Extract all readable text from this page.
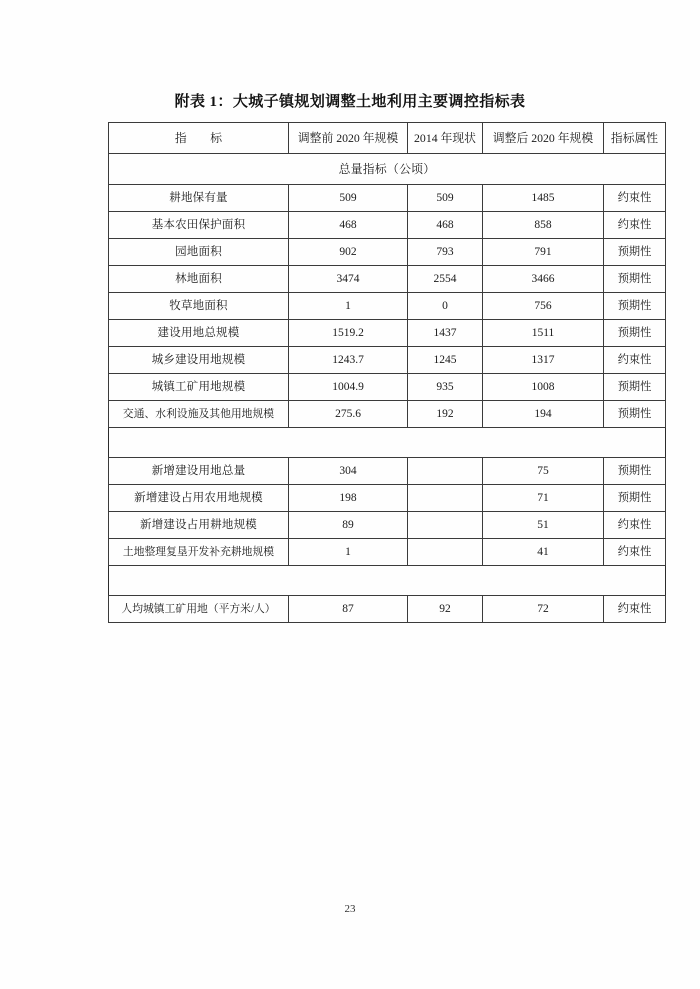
附表 1：大城子镇规划调整土地利用主要调控指标表
指　　标	调整前 2020 年规模	2014 年现状	调整后 2020 年规模	指标属性
总量指标（公顷）				
耕地保有量	509	509	1485	约束性
基本农田保护面积	468	468	858	约束性
园地面积	902	793	791	预期性
林地面积	3474	2554	3466	预期性
牧草地面积	1	0	756	预期性
建设用地总规模	1519.2	1437	1511	预期性
城乡建设用地规模	1243.7	1245	1317	约束性
城镇工矿用地规模	1004.9	935	1008	预期性
交通、水利设施及其他用地规模	275.6	192	194	预期性

新增建设用地总量	304		75	预期性
新增建设占用农用地规模	198		71	预期性
新增建设占用耕地规模	89		51	约束性
土地整理复垦开发补充耕地规模	1		41	约束性

人均城镇工矿用地（平方米/人）	87	92	72	约束性
23
